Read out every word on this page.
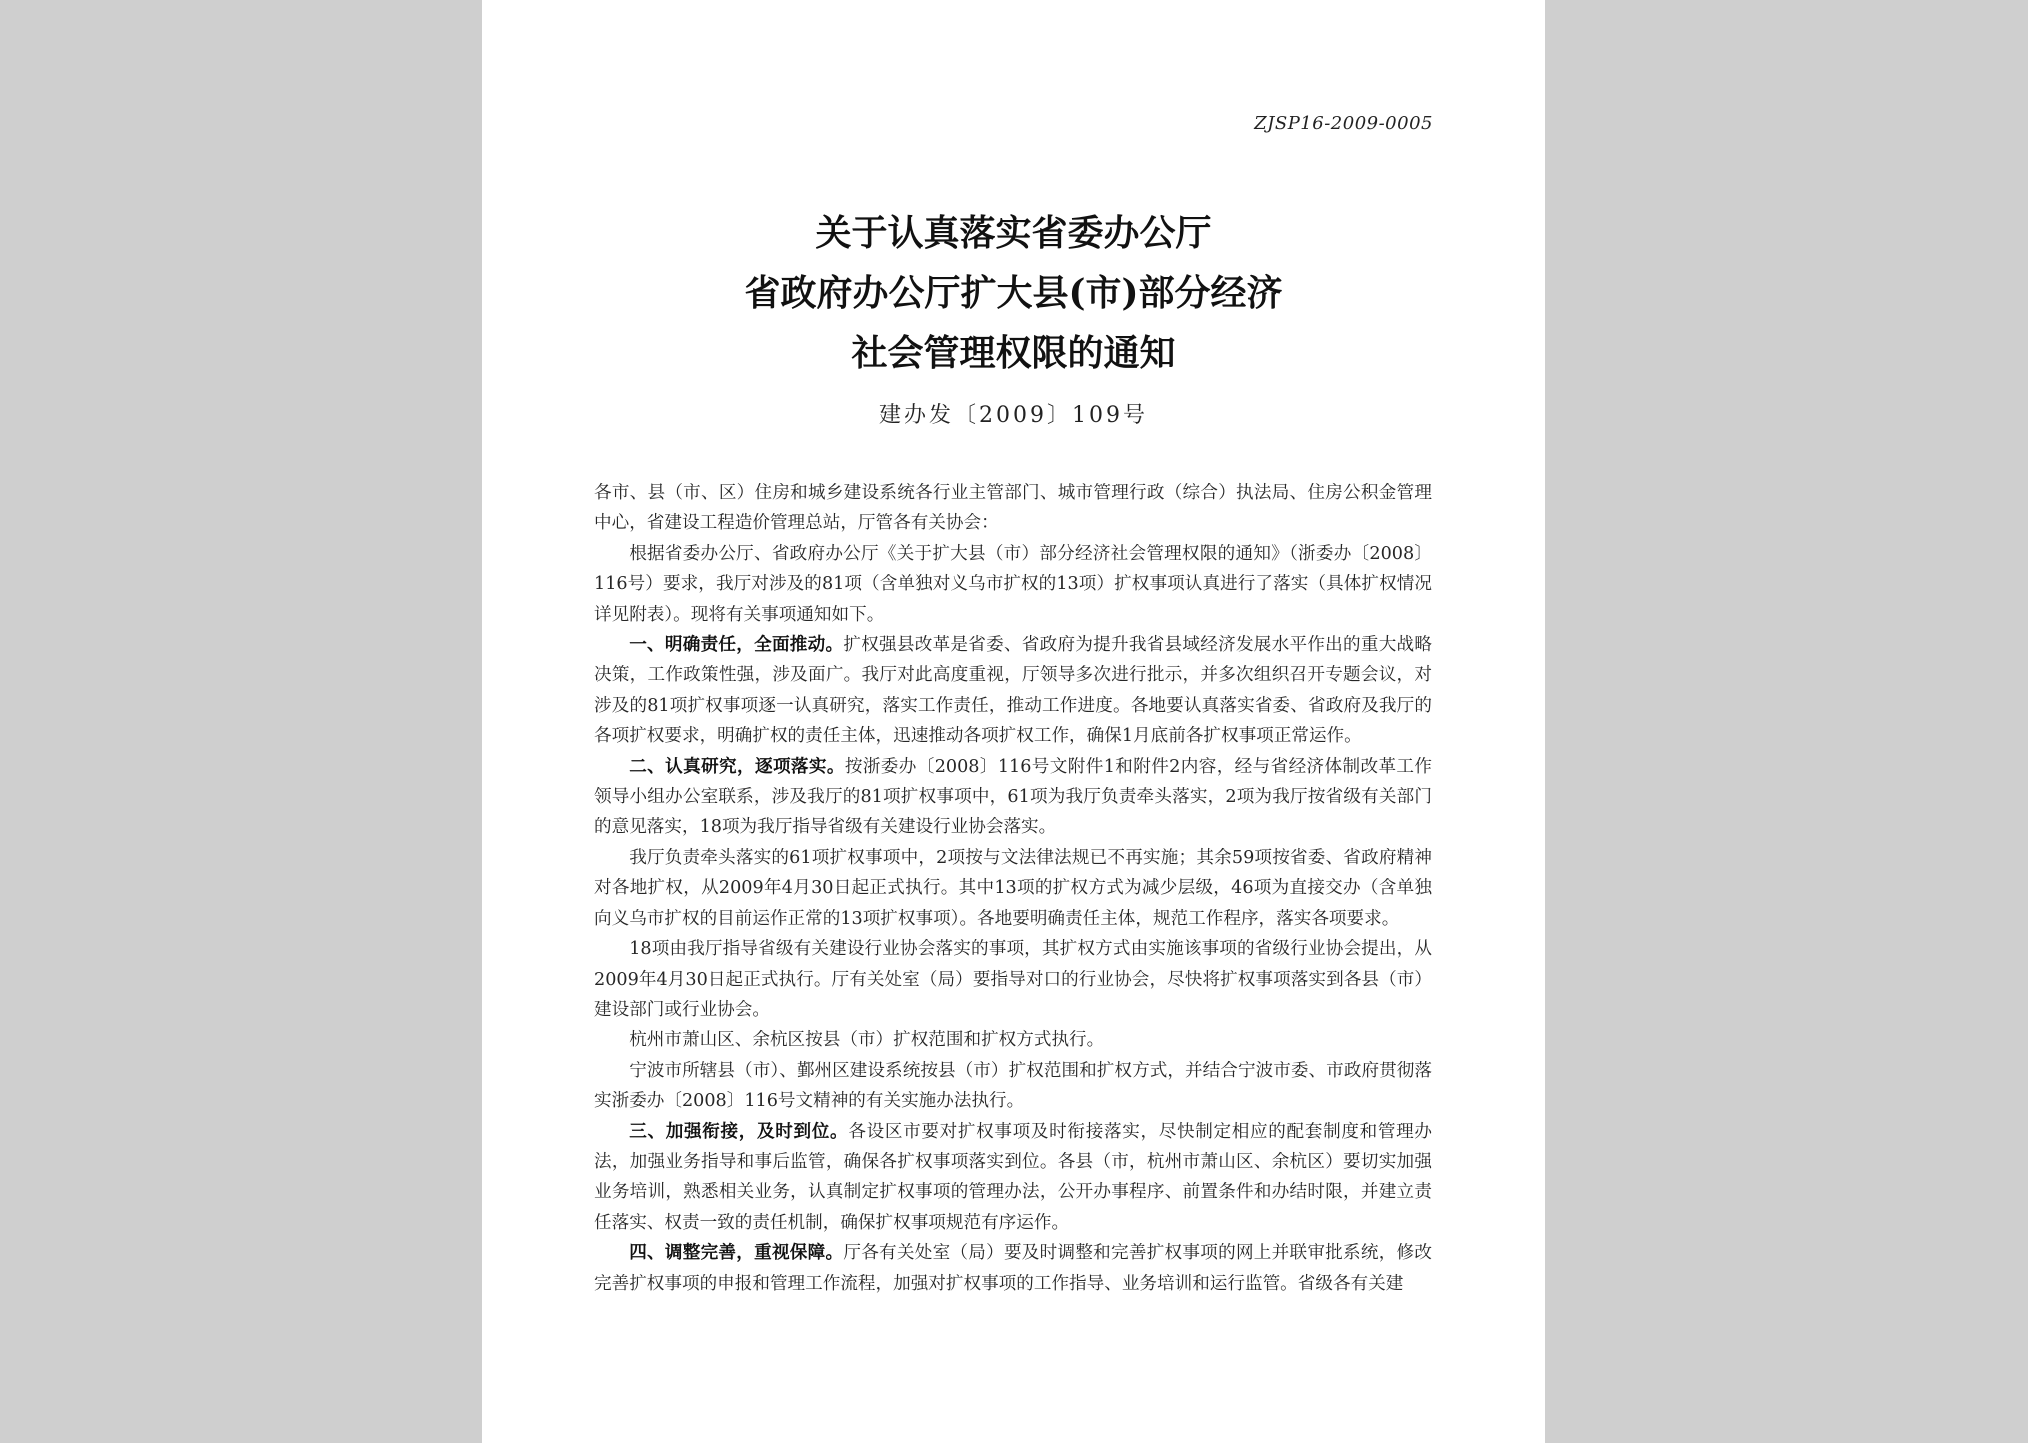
ZJSP16-2009-0005
关于认真落实省委办公厅
省政府办公厅扩大县(市)部分经济
社会管理权限的通知
建办发〔2009〕109号

各市、县（市、区）住房和城乡建设系统各行业主管部门、城市管理行政（综合）执法局、住房公积金管理中心，省建设工程造价管理总站，厅管各有关协会：

根据省委办公厅、省政府办公厅《关于扩大县（市）部分经济社会管理权限的通知》（浙委办〔2008〕116号）要求，我厅对涉及的81项（含单独对义乌市扩权的13项）扩权事项认真进行了落实（具体扩权情况详见附表）。现将有关事项通知如下。

一、明确责任，全面推动。扩权强县改革是省委、省政府为提升我省县域经济发展水平作出的重大战略决策，工作政策性强，涉及面广。我厅对此高度重视，厅领导多次进行批示，并多次组织召开专题会议，对涉及的81项扩权事项逐一认真研究，落实工作责任，推动工作进度。各地要认真落实省委、省政府及我厅的各项扩权要求，明确扩权的责任主体，迅速推动各项扩权工作，确保1月底前各扩权事项正常运作。

二、认真研究，逐项落实。按浙委办〔2008〕116号文附件1和附件2内容，经与省经济体制改革工作领导小组办公室联系，涉及我厅的81项扩权事项中，61项为我厅负责牵头落实，2项为我厅按省级有关部门的意见落实，18项为我厅指导省级有关建设行业协会落实。

我厅负责牵头落实的61项扩权事项中，2项按与文法律法规已不再实施；其余59项按省委、省政府精神对各地扩权，从2009年4月30日起正式执行。其中13项的扩权方式为减少层级，46项为直接交办（含单独向义乌市扩权的目前运作正常的13项扩权事项）。各地要明确责任主体，规范工作程序，落实各项要求。

18项由我厅指导省级有关建设行业协会落实的事项，其扩权方式由实施该事项的省级行业协会提出，从2009年4月30日起正式执行。厅有关处室（局）要指导对口的行业协会，尽快将扩权事项落实到各县（市）建设部门或行业协会。

杭州市萧山区、余杭区按县（市）扩权范围和扩权方式执行。

宁波市所辖县（市）、鄞州区建设系统按县（市）扩权范围和扩权方式，并结合宁波市委、市政府贯彻落实浙委办〔2008〕116号文精神的有关实施办法执行。

三、加强衔接，及时到位。各设区市要对扩权事项及时衔接落实，尽快制定相应的配套制度和管理办法，加强业务指导和事后监管，确保各扩权事项落实到位。各县（市，杭州市萧山区、余杭区）要切实加强业务培训，熟悉相关业务，认真制定扩权事项的管理办法，公开办事程序、前置条件和办结时限，并建立责任落实、权责一致的责任机制，确保扩权事项规范有序运作。

四、调整完善，重视保障。厅各有关处室（局）要及时调整和完善扩权事项的网上并联审批系统，修改完善扩权事项的申报和管理工作流程，加强对扩权事项的工作指导、业务培训和运行监管。省级各有关建
